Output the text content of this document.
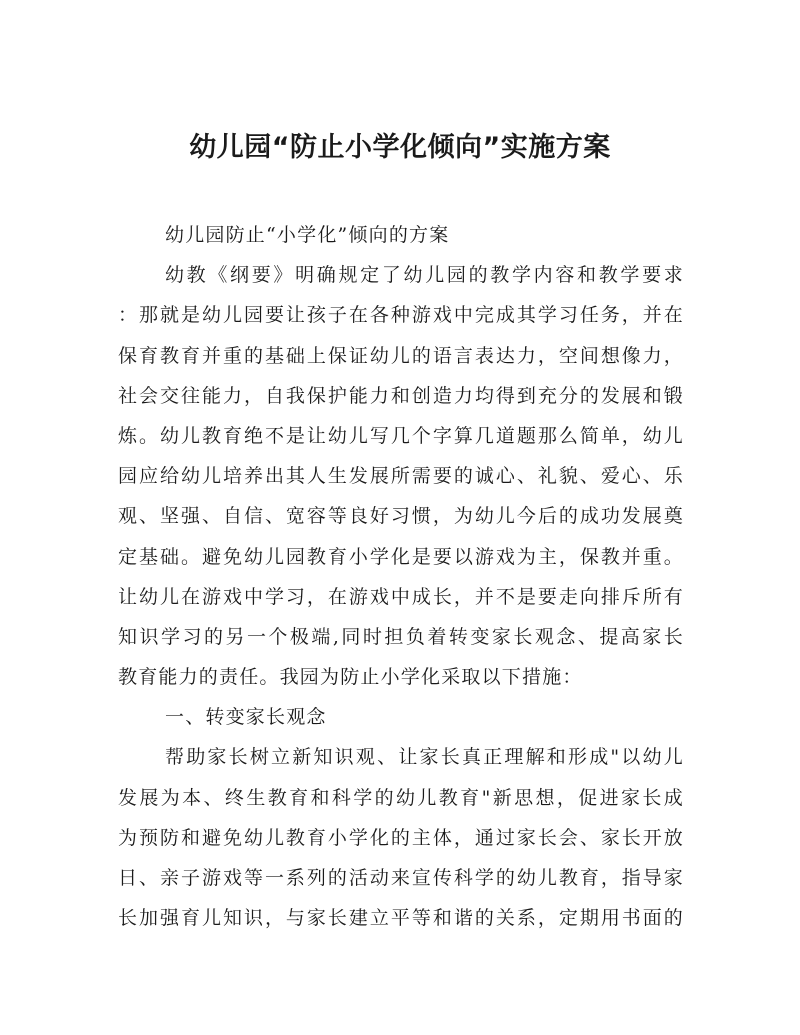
幼儿园“防止小学化倾向”实施方案
幼儿园防止“小学化”倾向的方案
幼教《纲要》明确规定了幼儿园的教学内容和教学要求
：那就是幼儿园要让孩子在各种游戏中完成其学习任务，并在
保育教育并重的基础上保证幼儿的语言表达力，空间想像力，
社会交往能力，自我保护能力和创造力均得到充分的发展和锻
炼。幼儿教育绝不是让幼儿写几个字算几道题那么简单，幼儿
园应给幼儿培养出其人生发展所需要的诚心、礼貌、爱心、乐
观、坚强、自信、宽容等良好习惯，为幼儿今后的成功发展奠
定基础。避免幼儿园教育小学化是要以游戏为主，保教并重。
让幼儿在游戏中学习，在游戏中成长，并不是要走向排斥所有
知识学习的另一个极端,同时担负着转变家长观念、提高家长
教育能力的责任。我园为防止小学化采取以下措施：
一、转变家长观念
帮助家长树立新知识观、让家长真正理解和形成"以幼儿
发展为本、终生教育和科学的幼儿教育"新思想，促进家长成
为预防和避免幼儿教育小学化的主体，通过家长会、家长开放
日、亲子游戏等一系列的活动来宣传科学的幼儿教育，指导家
长加强育儿知识，与家长建立平等和谐的关系，定期用书面的
